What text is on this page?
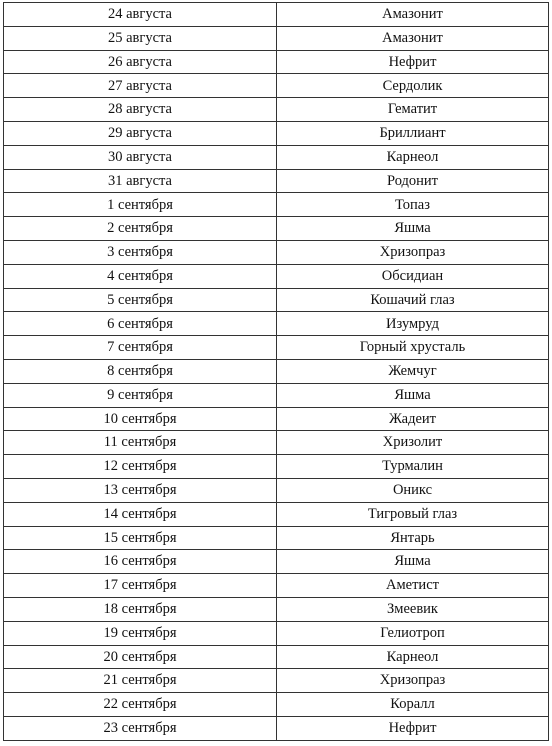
24 августа	Амазонит
25 августа	Амазонит
26 августа	Нефрит
27 августа	Сердолик
28 августа	Гематит
29 августа	Бриллиант
30 августа	Карнеол
31 августа	Родонит
1 сентября	Топаз
2 сентября	Яшма
3 сентября	Хризопраз
4 сентября	Обсидиан
5 сентября	Кошачий глаз
6 сентября	Изумруд
7 сентября	Горный хрусталь
8 сентября	Жемчуг
9 сентября	Яшма
10 сентября	Жадеит
11 сентября	Хризолит
12 сентября	Турмалин
13 сентября	Оникс
14 сентября	Тигровый глаз
15 сентября	Янтарь
16 сентября	Яшма
17 сентября	Аметист
18 сентября	Змеевик
19 сентября	Гелиотроп
20 сентября	Карнеол
21 сентября	Хризопраз
22 сентября	Коралл
23 сентября	Нефрит
